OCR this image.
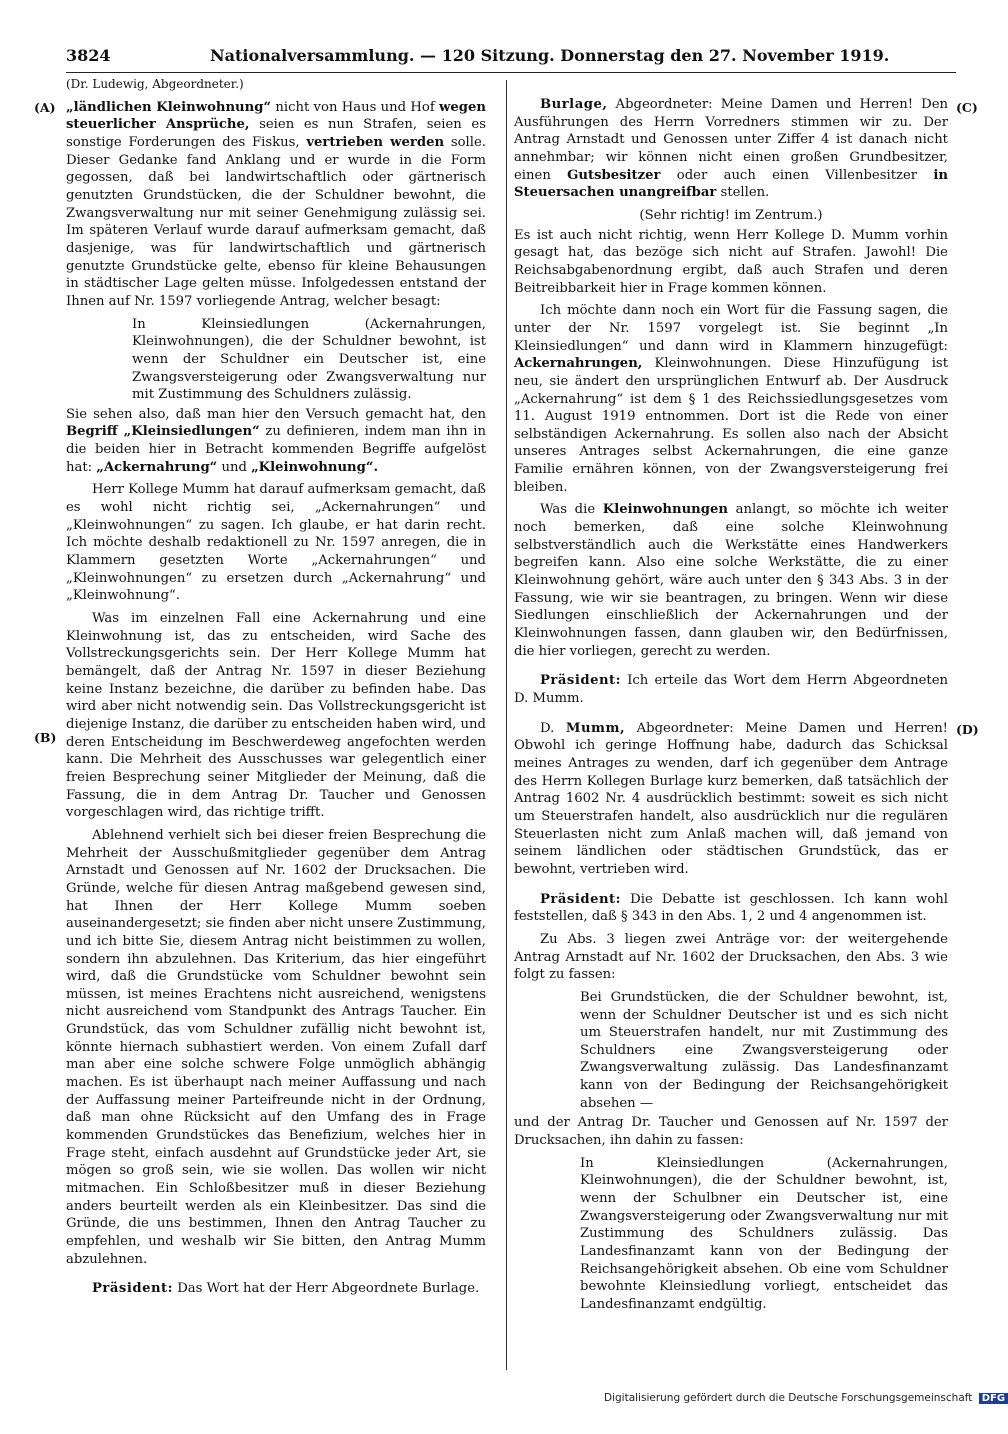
3824	Nationalversammlung. — 120 Sitzung. Donnerstag den 27. November 1919.
(A)
(B)
(C)
(D)

(Dr. Ludewig, Abgeordneter.)

„ländlichen Kleinwohnung“ nicht von Haus und Hof wegen steuerlicher Ansprüche, seien es nun Strafen, seien es sonstige Forderungen des Fiskus, vertrieben werden solle. Dieser Gedanke fand Anklang und er wurde in die Form gegossen, daß bei landwirtschaftlich oder gärtnerisch genutzten Grundstücken, die der Schuldner bewohnt, die Zwangsverwaltung nur mit seiner Genehmigung zulässig sei. Im späteren Verlauf wurde darauf aufmerksam gemacht, daß dasjenige, was für landwirtschaftlich und gärtnerisch genutzte Grundstücke gelte, ebenso für kleine Behausungen in städtischer Lage gelten müsse. Infolgedessen entstand der Ihnen auf Nr. 1597 vorliegende Antrag, welcher besagt:

In Kleinsiedlungen (Ackernahrungen, Kleinwohnungen), die der Schuldner bewohnt, ist wenn der Schuldner ein Deutscher ist, eine Zwangsversteigerung oder Zwangsverwaltung nur mit Zustimmung des Schuldners zulässig.

Sie sehen also, daß man hier den Versuch gemacht hat, den Begriff „Kleinsiedlungen“ zu definieren, indem man ihn in die beiden hier in Betracht kommenden Begriffe aufgelöst hat: „Ackernahrung“ und „Kleinwohnung“.

Herr Kollege Mumm hat darauf aufmerksam gemacht, daß es wohl nicht richtig sei, „Ackernahrungen“ und „Kleinwohnungen“ zu sagen. Ich glaube, er hat darin recht. Ich möchte deshalb redaktionell zu Nr. 1597 anregen, die in Klammern gesetzten Worte „Ackernahrungen“ und „Kleinwohnungen“ zu ersetzen durch „Ackernahrung“ und „Kleinwohnung“.

Was im einzelnen Fall eine Ackernahrung und eine Kleinwohnung ist, das zu entscheiden, wird Sache des Vollstreckungsgerichts sein. Der Herr Kollege Mumm hat bemängelt, daß der Antrag Nr. 1597 in dieser Beziehung keine Instanz bezeichne, die darüber zu befinden habe. Das wird aber nicht notwendig sein. Das Vollstreckungsgericht ist diejenige Instanz, die darüber zu entscheiden haben wird, und deren Entscheidung im Beschwerdeweg angefochten werden kann. Die Mehrheit des Ausschusses war gelegentlich einer freien Besprechung seiner Mitglieder der Meinung, daß die Fassung, die in dem Antrag Dr. Taucher und Genossen vorgeschlagen wird, das richtige trifft.

Ablehnend verhielt sich bei dieser freien Besprechung die Mehrheit der Ausschußmitglieder gegenüber dem Antrag Arnstadt und Genossen auf Nr. 1602 der Drucksachen. Die Gründe, welche für diesen Antrag maßgebend gewesen sind, hat Ihnen der Herr Kollege Mumm soeben auseinandergesetzt; sie finden aber nicht unsere Zustimmung, und ich bitte Sie, diesem Antrag nicht beistimmen zu wollen, sondern ihn abzulehnen. Das Kriterium, das hier eingeführt wird, daß die Grundstücke vom Schuldner bewohnt sein müssen, ist meines Erachtens nicht ausreichend, wenigstens nicht ausreichend vom Standpunkt des Antrags Taucher. Ein Grundstück, das vom Schuldner zufällig nicht bewohnt ist, könnte hiernach subhastiert werden. Von einem Zufall darf man aber eine solche schwere Folge unmöglich abhängig machen. Es ist überhaupt nach meiner Auffassung und nach der Auffassung meiner Parteifreunde nicht in der Ordnung, daß man ohne Rücksicht auf den Umfang des in Frage kommenden Grundstückes das Benefizium, welches hier in Frage steht, einfach ausdehnt auf Grundstücke jeder Art, sie mögen so groß sein, wie sie wollen. Das wollen wir nicht mitmachen. Ein Schloßbesitzer muß in dieser Beziehung anders beurteilt werden als ein Kleinbesitzer. Das sind die Gründe, die uns bestimmen, Ihnen den Antrag Taucher zu empfehlen, und weshalb wir Sie bitten, den Antrag Mumm abzulehnen.

Präsident: Das Wort hat der Herr Abgeordnete Burlage.

Burlage, Abgeordneter: Meine Damen und Herren! Den Ausführungen des Herrn Vorredners stimmen wir zu. Der Antrag Arnstadt und Genossen unter Ziffer 4 ist danach nicht annehmbar; wir können nicht einen großen Grundbesitzer, einen Gutsbesitzer oder auch einen Villenbesitzer in Steuersachen unangreifbar stellen.

(Sehr richtig! im Zentrum.)

Es ist auch nicht richtig, wenn Herr Kollege D. Mumm vorhin gesagt hat, das bezöge sich nicht auf Strafen. Jawohl! Die Reichsabgabenordnung ergibt, daß auch Strafen und deren Beitreibbarkeit hier in Frage kommen können.

Ich möchte dann noch ein Wort für die Fassung sagen, die unter der Nr. 1597 vorgelegt ist. Sie beginnt „In Kleinsiedlungen“ und dann wird in Klammern hinzugefügt: Ackernahrungen, Kleinwohnungen. Diese Hinzufügung ist neu, sie ändert den ursprünglichen Entwurf ab. Der Ausdruck „Ackernahrung“ ist dem § 1 des Reichssiedlungsgesetzes vom 11. August 1919 entnommen. Dort ist die Rede von einer selbständigen Ackernahrung. Es sollen also nach der Absicht unseres Antrages selbst Ackernahrungen, die eine ganze Familie ernähren können, von der Zwangsversteigerung frei bleiben.

Was die Kleinwohnungen anlangt, so möchte ich weiter noch bemerken, daß eine solche Kleinwohnung selbstverständlich auch die Werkstätte eines Handwerkers begreifen kann. Also eine solche Werkstätte, die zu einer Kleinwohnung gehört, wäre auch unter den § 343 Abs. 3 in der Fassung, wie wir sie beantragen, zu bringen. Wenn wir diese Siedlungen einschließlich der Ackernahrungen und der Kleinwohnungen fassen, dann glauben wir, den Bedürfnissen, die hier vorliegen, gerecht zu werden.

Präsident: Ich erteile das Wort dem Herrn Abgeordneten D. Mumm.

D. Mumm, Abgeordneter: Meine Damen und Herren! Obwohl ich geringe Hoffnung habe, dadurch das Schicksal meines Antrages zu wenden, darf ich gegenüber dem Antrage des Herrn Kollegen Burlage kurz bemerken, daß tatsächlich der Antrag 1602 Nr. 4 ausdrücklich bestimmt: soweit es sich nicht um Steuerstrafen handelt, also ausdrücklich nur die regulären Steuerlasten nicht zum Anlaß machen will, daß jemand von seinem ländlichen oder städtischen Grundstück, das er bewohnt, vertrieben wird.

Präsident: Die Debatte ist geschlossen. Ich kann wohl feststellen, daß § 343 in den Abs. 1, 2 und 4 angenommen ist.

Zu Abs. 3 liegen zwei Anträge vor: der weitergehende Antrag Arnstadt auf Nr. 1602 der Drucksachen, den Abs. 3 wie folgt zu fassen:

Bei Grundstücken, die der Schuldner bewohnt, ist, wenn der Schuldner Deutscher ist und es sich nicht um Steuerstrafen handelt, nur mit Zustimmung des Schuldners eine Zwangsversteigerung oder Zwangsverwaltung zulässig. Das Landesfinanzamt kann von der Bedingung der Reichsangehörigkeit absehen —

und der Antrag Dr. Taucher und Genossen auf Nr. 1597 der Drucksachen, ihn dahin zu fassen:

In Kleinsiedlungen (Ackernahrungen, Kleinwohnungen), die der Schuldner bewohnt, ist, wenn der Schulbner ein Deutscher ist, eine Zwangsversteigerung oder Zwangsverwaltung nur mit Zustimmung des Schuldners zulässig. Das Landesfinanzamt kann von der Bedingung der Reichsangehörigkeit absehen. Ob eine vom Schuldner bewohnte Kleinsiedlung vorliegt, entscheidet das Landesfinanzamt endgültig.

Digitalisierung gefördert durch die Deutsche Forschungsgemeinschaft DFG
